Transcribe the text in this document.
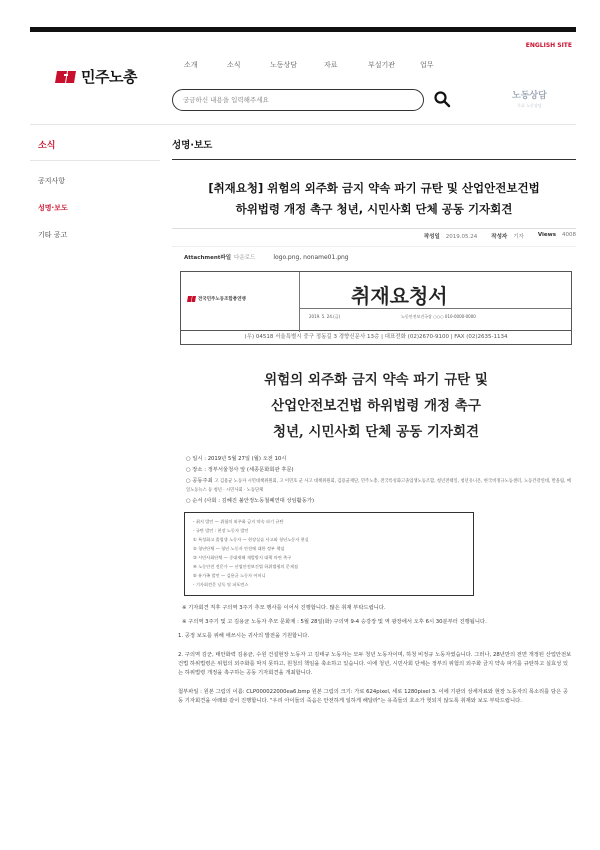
ENGLISH SITE
민주노총
소개	소식	노동상담	자료	부설기관	업무
궁금하신 내용을 입력해주세요
노동상담
무료 노동상담
소식
공지사항
성명·보도
기타 공고
성명·보도
[취재요청] 위험의 외주화 금지 약속 파기 규탄 및 산업안전보건법
하위법령 개정 촉구 청년, 시민사회 단체 공동 기자회견
작성일 2019.05.24	작성자 기자	Views 4008
Attachment파일 다운로드	logo.png, noname01.png
전국민주노동조합총연맹	취재요청서
2019. 5. 24.(금)	노동안전보건국장 ○○○ 010-0000-0000
(우) 04518 서울특별시 중구 정동길 3 경향신문사 13층 | 대표전화 (02)2670-9100 | FAX (02)2635-1134
위험의 외주화 금지 약속 파기 규탄 및
산업안전보건법 하위법령 개정 촉구
청년, 시민사회 단체 공동 기자회견
○ 일시 : 2019년 5월 27일 (월) 오전 10시
○ 장소 : 정부서울청사 앞 (세종문화회관 후문)
○ 공동주최 고 김용균 노동자 시민대책위원회, 고 이민호 군 사고 대책위원회, 김용균재단, 민주노총, 전국특성화고졸업생노동조합, 청년전태일, 청년유니온, 한국비정규노동센터, 노동건강연대, 반올림, 매일노동뉴스 등 청년 · 시민사회 · 노동단체
○ 순서 (사회 : 김혜진 불안정노동철폐연대 상임활동가)
- 취지 발언 — 위험의 외주화 금지 약속 파기 규탄
- 규탄 발언 : 현장 노동자 발언
① 특성화고 졸업생 노동자 — 현장실습 사고와 청년노동자 현실
② 청년단체 — 청년 노동자 안전에 대한 정부 책임
③ 시민사회단체 — 중대재해 재발방지 대책 마련 촉구
④ 노동안전 전문가 — 산업안전보건법 하위법령의 문제점
⑤ 유가족 발언 — 김용균 노동자 어머니
- 기자회견문 낭독 및 퍼포먼스

※ 기자회견 직후 구의역 3주기 추모 행사를 이어서 진행합니다. 많은 취재 부탁드립니다.

※ 구의역 3주기 및 고 김용균 노동자 추모 문화제 : 5월 28일(화) 구의역 9-4 승강장 및 역 광장에서 오후 6시 30분부터 진행됩니다.

1. 공정 보도를 위해 애쓰시는 귀사의 발전을 기원합니다.

2. 구의역 김군, 태안화력 김용균, 수원 건설현장 노동자 고 김태규 노동자는 모두 청년 노동자이며, 하청 비정규 노동자였습니다. 그러나, 28년만의 전면 개정된 산업안전보건법 하위법령은 위험의 외주화를 막지 못하고, 원청의 책임을 축소하고 있습니다. 이에 청년, 시민사회 단체는 정부의 위험의 외주화 금지 약속 파기를 규탄하고 실효성 있는 하위법령 개정을 촉구하는 공동 기자회견을 개최합니다.

첨부파일 : 원본 그림의 이름: CLP000022000ea6.bmp 원본 그림의 크기: 가로 624pixel, 세로 1280pixel 3. 이에 기관의 상세자료와 현장 노동자의 목소리를 담은 공동 기자회견을 아래와 같이 진행합니다. "우리 아이들의 죽음은 안전하게 일하게 해달라"는 유족들의 호소가 헛되지 않도록 취재와 보도 부탁드립니다.
